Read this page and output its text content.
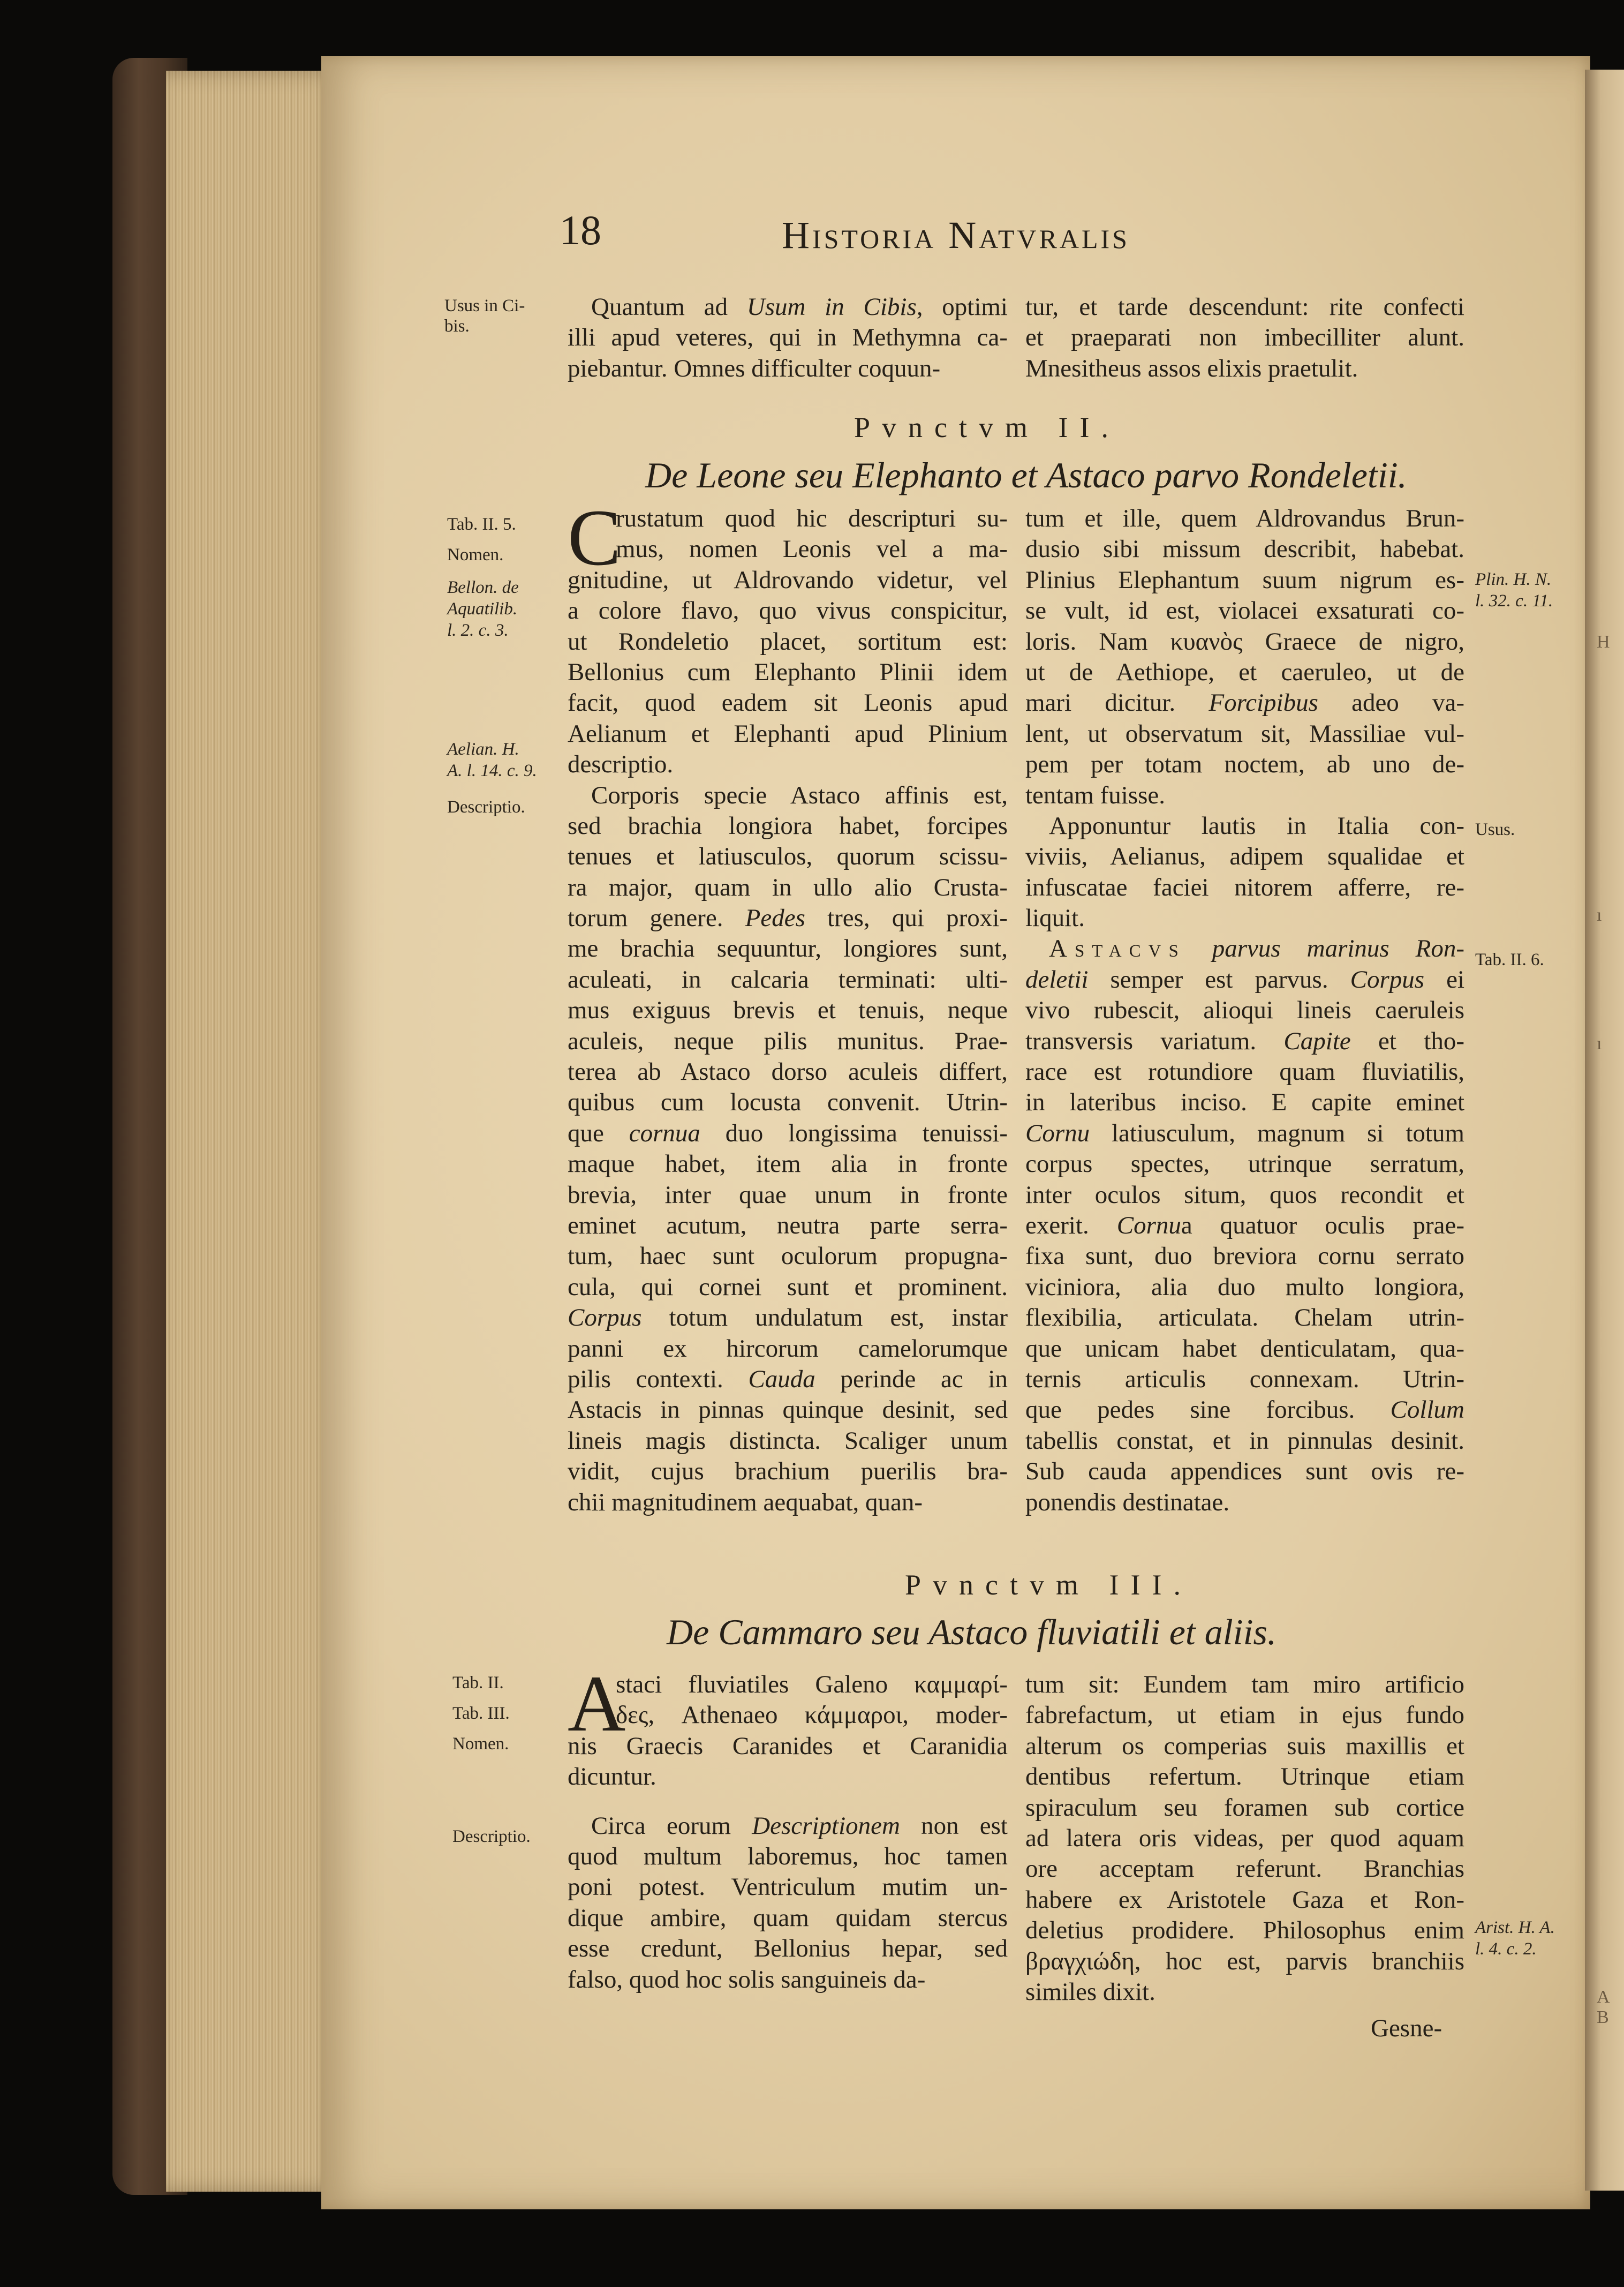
H
ı
ı
A B
18	Historia Natvralis
Usus in Ci-
bis.
Quantum ad Usum in Cibis, optimi
illi apud veteres, qui in Methymna ca-
piebantur. Omnes difficulter coquun-
tur, et tarde descendunt: rite confecti
et praeparati non imbecilliter alunt.
Mnesitheus assos elixis praetulit.
Pvnctvm II.
De Leone seu Elephanto et Astaco parvo Rondeletii.
Tab. II. 5.
Nomen.
Bellon. de
Aquatilib.
l. 2. c. 3.
Aelian. H.
A. l. 14. c. 9.
Descriptio.
Plin. H. N.
l. 32. c. 11.
Usus.
Tab. II. 6.
C
rustatum quod hic descripturi su-
mus, nomen Leonis vel a ma-
gnitudine, ut Aldrovando videtur, vel
a colore flavo, quo vivus conspicitur,
ut Rondeletio placet, sortitum est:
Bellonius cum Elephanto Plinii idem
facit, quod eadem sit Leonis apud
Aelianum et Elephanti apud Plinium
descriptio.
Corporis specie Astaco affinis est,
sed brachia longiora habet, forcipes
tenues et latiusculos, quorum scissu-
ra major, quam in ullo alio Crusta-
torum genere. Pedes tres, qui proxi-
me brachia sequuntur, longiores sunt,
aculeati, in calcaria terminati: ulti-
mus exiguus brevis et tenuis, neque
aculeis, neque pilis munitus. Prae-
terea ab Astaco dorso aculeis differt,
quibus cum locusta convenit. Utrin-
que cornua duo longissima tenuissi-
maque habet, item alia in fronte
brevia, inter quae unum in fronte
eminet acutum, neutra parte serra-
tum, haec sunt oculorum propugna-
cula, qui cornei sunt et prominent.
Corpus totum undulatum est, instar
panni ex hircorum camelorumque
pilis contexti. Cauda perinde ac in
Astacis in pinnas quinque desinit, sed
lineis magis distincta. Scaliger unum
vidit, cujus brachium puerilis bra-
chii magnitudinem aequabat, quan-
tum et ille, quem Aldrovandus Brun-
dusio sibi missum describit, habebat.
Plinius Elephantum suum nigrum es-
se vult, id est, violacei exsaturati co-
loris. Nam κυανὸς Graece de nigro,
ut de Aethiope, et caeruleo, ut de
mari dicitur. Forcipibus adeo va-
lent, ut observatum sit, Massiliae vul-
pem per totam noctem, ab uno de-
tentam fuisse.
Apponuntur lautis in Italia con-
viviis, Aelianus, adipem squalidae et
infuscatae faciei nitorem afferre, re-
liquit.
Astacvs parvus marinus Ron-
deletii semper est parvus. Corpus ei
vivo rubescit, alioqui lineis caeruleis
transversis variatum. Capite et tho-
race est rotundiore quam fluviatilis,
in lateribus inciso. E capite eminet
Cornu latiusculum, magnum si totum
corpus spectes, utrinque serratum,
inter oculos situm, quos recondit et
exerit. Cornua quatuor oculis prae-
fixa sunt, duo breviora cornu serrato
viciniora, alia duo multo longiora,
flexibilia, articulata. Chelam utrin-
que unicam habet denticulatam, qua-
ternis articulis connexam. Utrin-
que pedes sine forcibus. Collum
tabellis constat, et in pinnulas desinit.
Sub cauda appendices sunt ovis re-
ponendis destinatae.
Pvnctvm III.
De Cammaro seu Astaco fluviatili et aliis.
Tab. II.
Tab. III.
Nomen.
Descriptio.
Arist. H. A.
l. 4. c. 2.
A
staci fluviatiles Galeno καμμαρί-
δες, Athenaeo κάμμαροι, moder-
nis Graecis Caranides et Caranidia
dicuntur.
Circa eorum Descriptionem non est
quod multum laboremus, hoc tamen
poni potest. Ventriculum mutim un-
dique ambire, quam quidam stercus
esse credunt, Bellonius hepar, sed
falso, quod hoc solis sanguineis da-
tum sit: Eundem tam miro artificio
fabrefactum, ut etiam in ejus fundo
alterum os comperias suis maxillis et
dentibus refertum. Utrinque etiam
spiraculum seu foramen sub cortice
ad latera oris videas, per quod aquam
ore acceptam referunt. Branchias
habere ex Aristotele Gaza et Ron-
deletius prodidere. Philosophus enim
βραγχιώδη, hoc est, parvis branchiis
similes dixit.
Gesne-
